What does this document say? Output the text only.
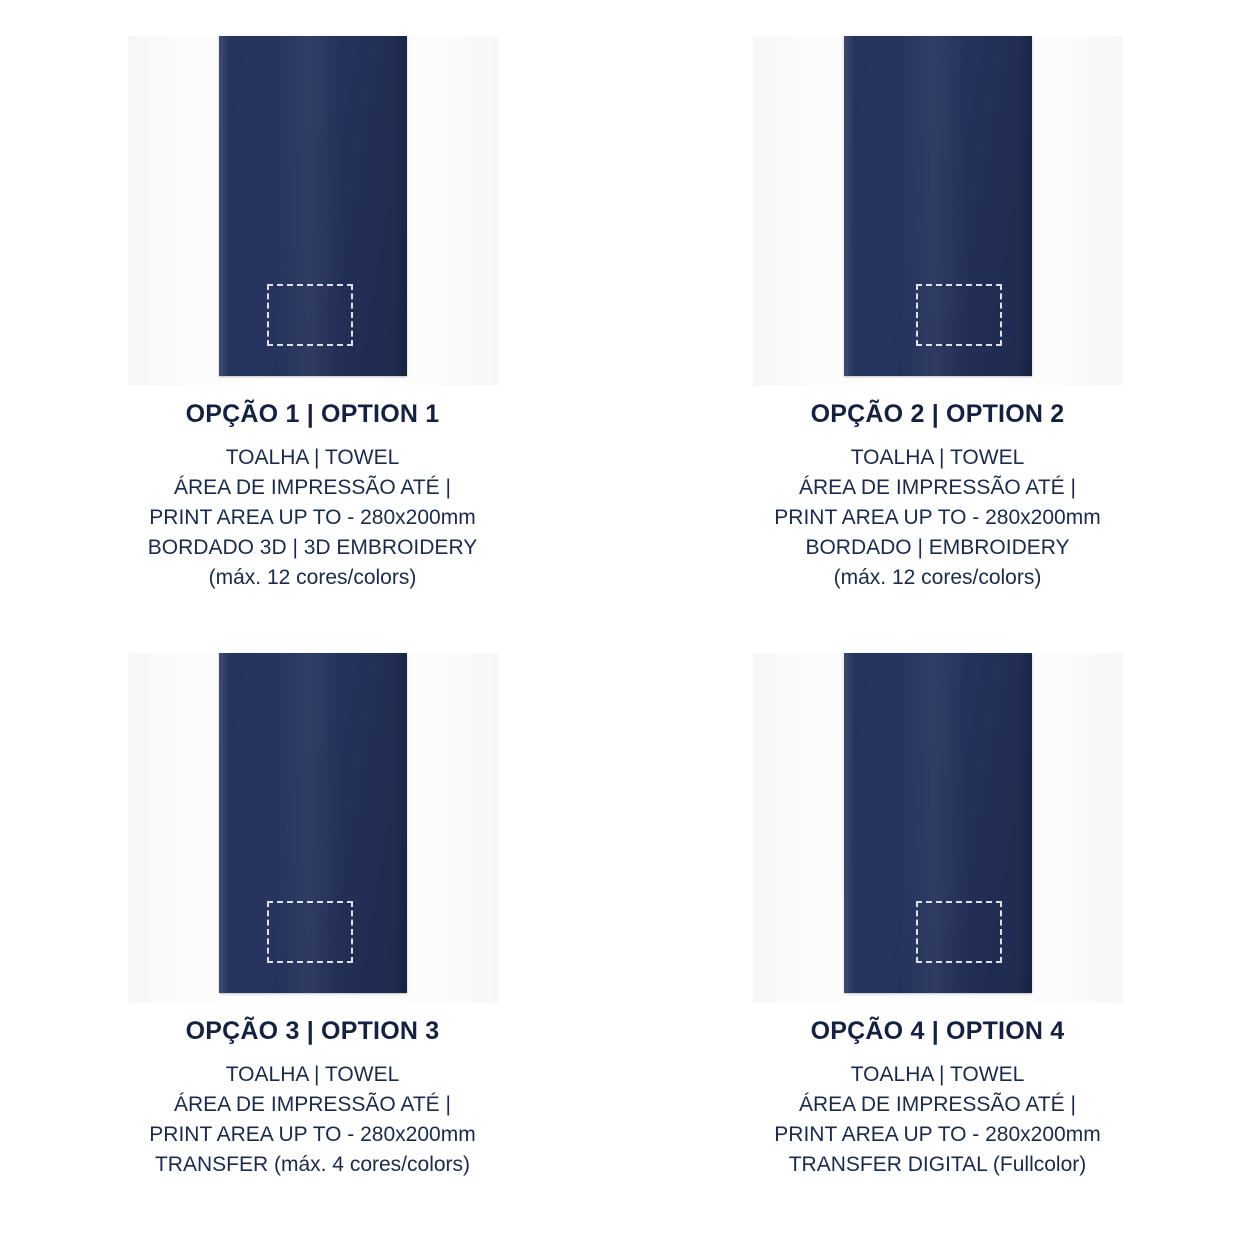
OPÇÃO 1 | OPTION 1
TOALHA | TOWEL
ÁREA DE IMPRESSÃO ATÉ |
PRINT AREA UP TO - 280x200mm
BORDADO 3D | 3D EMBROIDERY
(máx. 12 cores/colors)
OPÇÃO 2 | OPTION 2
TOALHA | TOWEL
ÁREA DE IMPRESSÃO ATÉ |
PRINT AREA UP TO - 280x200mm
BORDADO | EMBROIDERY
(máx. 12 cores/colors)
OPÇÃO 3 | OPTION 3
TOALHA | TOWEL
ÁREA DE IMPRESSÃO ATÉ |
PRINT AREA UP TO - 280x200mm
TRANSFER (máx. 4 cores/colors)
OPÇÃO 4 | OPTION 4
TOALHA | TOWEL
ÁREA DE IMPRESSÃO ATÉ |
PRINT AREA UP TO - 280x200mm
TRANSFER DIGITAL (Fullcolor)
